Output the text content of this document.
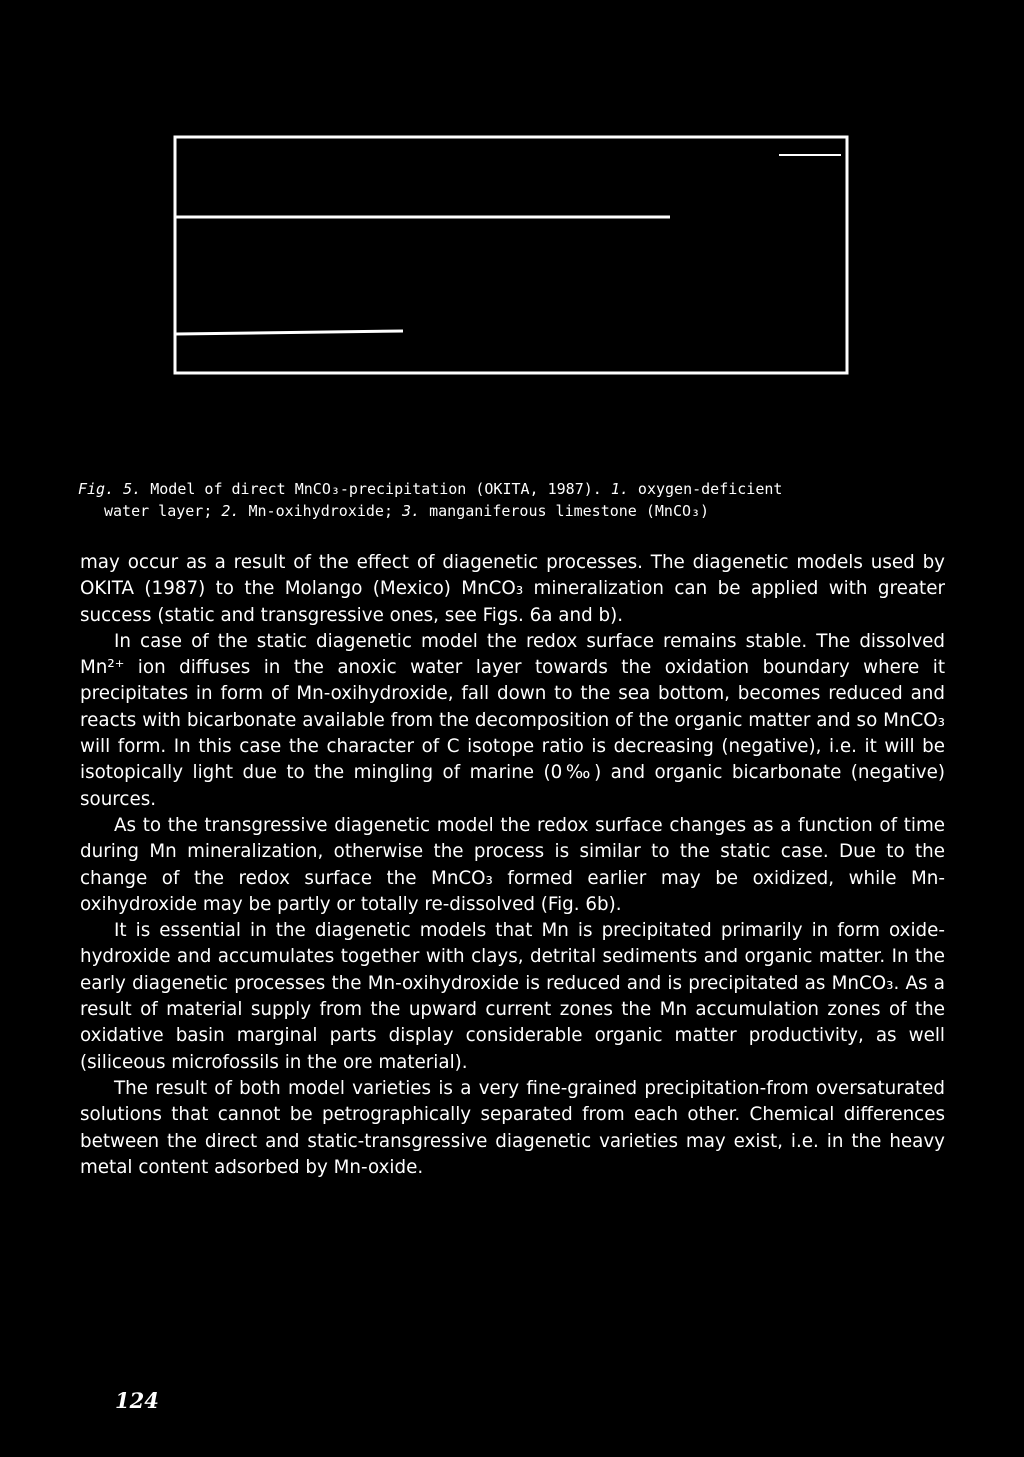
Fig. 5. Model of direct MnCO₃-precipitation (OKITA, 1987). 1. oxygen-deficient
water layer; 2. Mn-oxihydroxide; 3. manganiferous limestone (MnCO₃)

may occur as a result of the effect of diagenetic processes. The diagenetic models used by OKITA (1987) to the Molango (Mexico) MnCO₃ mineralization can be applied with greater success (static and transgressive ones, see Figs. 6a and b).

In case of the static diagenetic model the redox surface remains stable. The dissolved Mn²⁺ ion diffuses in the anoxic water layer towards the oxidation boundary where it precipitates in form of Mn-oxihydroxide, fall down to the sea bottom, becomes reduced and reacts with bicarbonate available from the decomposition of the organic matter and so MnCO₃ will form. In this case the character of C isotope ratio is decreasing (negative), i.e. it will be isotopically light due to the mingling of marine (0‰) and organic bicarbonate (negative) sources.

As to the transgressive diagenetic model the redox surface changes as a function of time during Mn mineralization, otherwise the process is similar to the static case. Due to the change of the redox surface the MnCO₃ formed earlier may be oxidized, while Mn-oxihydroxide may be partly or totally re-dissolved (Fig. 6b).

It is essential in the diagenetic models that Mn is precipitated primarily in form oxide-hydroxide and accumulates together with clays, detrital sediments and organic matter. In the early diagenetic processes the Mn-oxihydroxide is reduced and is precipitated as MnCO₃. As a result of material supply from the upward current zones the Mn accumulation zones of the oxidative basin marginal parts display considerable organic matter productivity, as well (siliceous microfossils in the ore material).

The result of both model varieties is a very fine-grained precipitation-from oversaturated solutions that cannot be petrographically separated from each other. Chemical differences between the direct and static-transgressive diagenetic varieties may exist, i.e. in the heavy metal content adsorbed by Mn-oxide.

124
